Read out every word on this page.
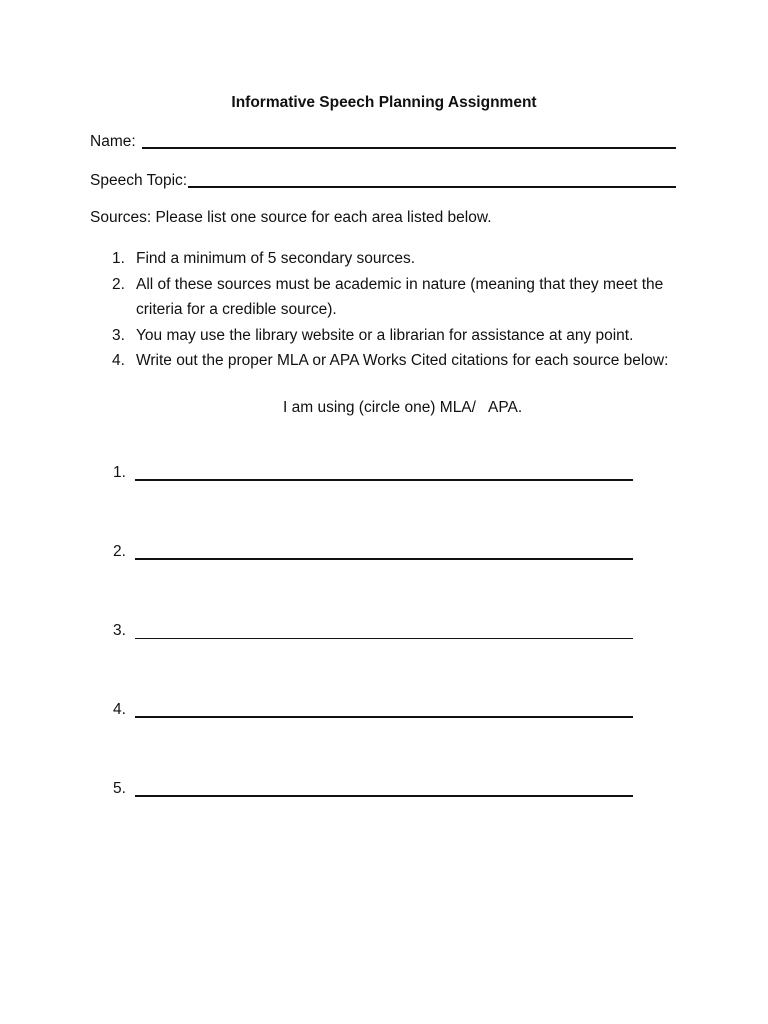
Informative Speech Planning Assignment
Name:
Speech Topic:
Sources: Please list one source for each area listed below.
1. Find a minimum of 5 secondary sources.
2. All of these sources must be academic in nature (meaning that they meet the criteria for a credible source).
3. You may use the library website or a librarian for assistance at any point.
4. Write out the proper MLA or APA Works Cited citations for each source below:
I am using (circle one) MLA/   APA.
1.
2.
3.
4.
5.
